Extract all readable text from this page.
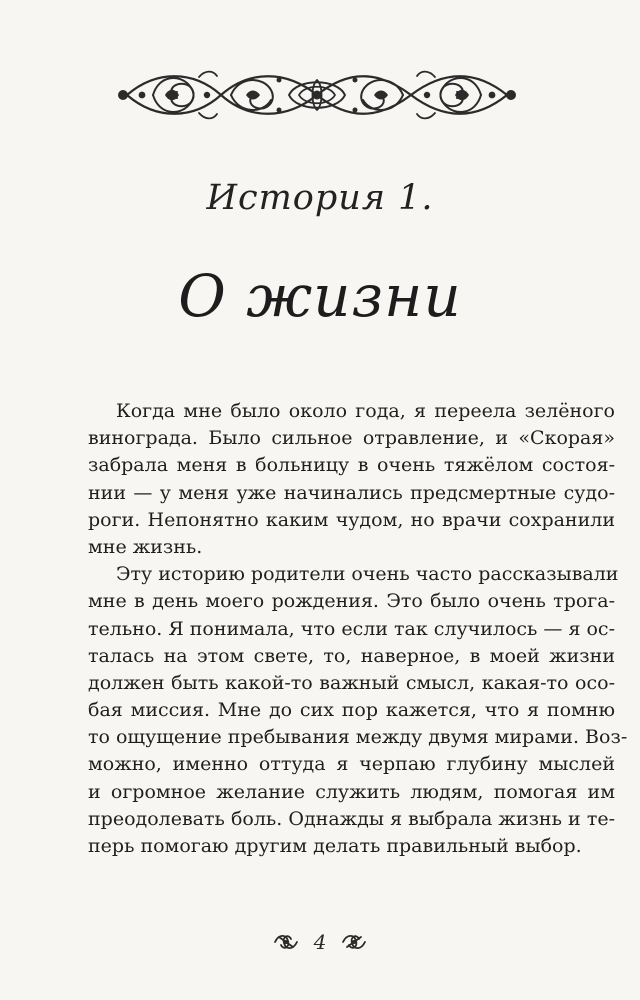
История 1.
О жизни
Когда мне было около года, я переела зелёного
винограда. Было сильное отравление, и «Скорая»
забрала меня в больницу в очень тяжёлом состоя-
нии — у меня уже начинались предсмертные судо-
роги. Непонятно каким чудом, но врачи сохранили
мне жизнь.
Эту историю родители очень часто рассказывали
мне в день моего рождения. Это было очень трога-
тельно. Я понимала, что если так случилось — я ос-
талась на этом свете, то, наверное, в моей жизни
должен быть какой-то важный смысл, какая-то осо-
бая миссия. Мне до сих пор кажется, что я помню
то ощущение пребывания между двумя мирами. Воз-
можно, именно оттуда я черпаю глубину мыслей
и огромное желание служить людям, помогая им
преодолевать боль. Однажды я выбрала жизнь и те-
перь помогаю другим делать правильный выбор.
4
